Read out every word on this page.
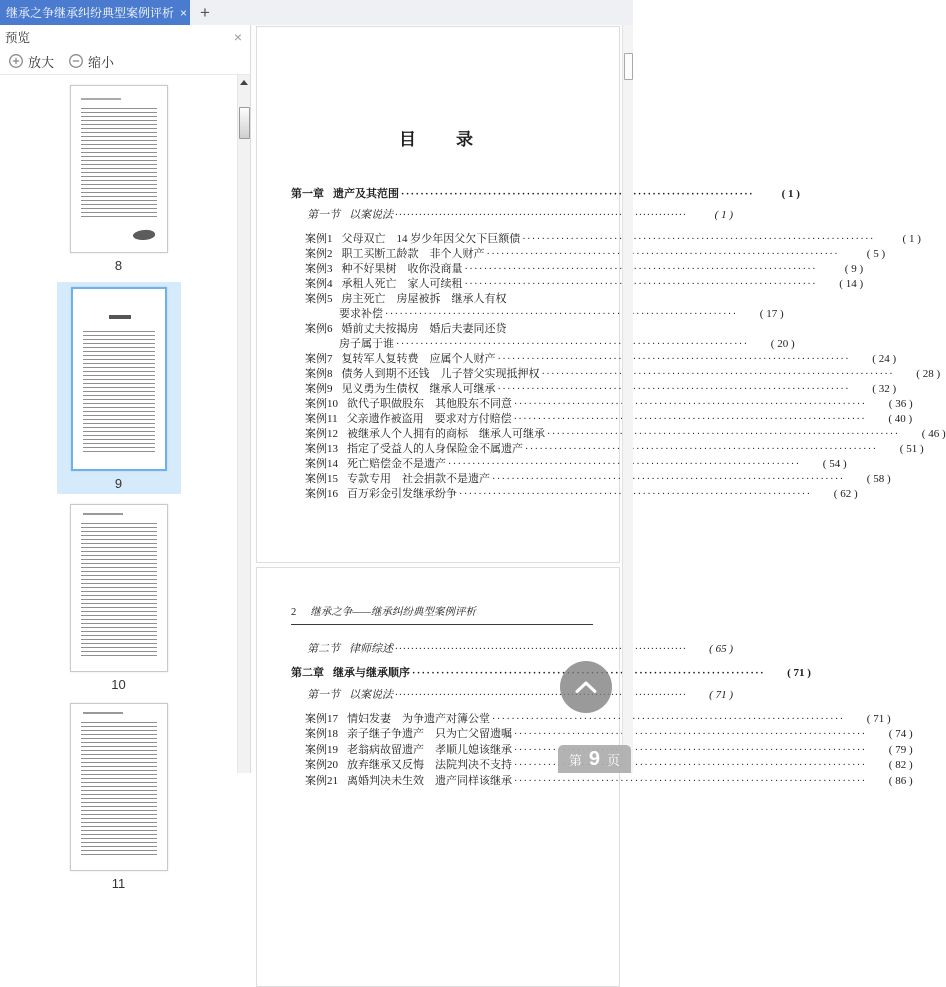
继承之争继承纠纷典型案例评析 × +
预览	×
放大	缩小
8
9
10
11
目　　录
第一章 遗产及其范围 ·····	( 1 )
第一节 以案说法 ·····	( 1 )
案例1 父母双亡　14 岁少年因父欠下巨额债 ·····	( 1 )
案例2 职工买断工龄款　非个人财产 ·····	( 5 )
案例3 种不好果树　收你没商量 ·····	( 9 )
案例4 承租人死亡　家人可续租 ·····	( 14 )
案例5 房主死亡　房屋被拆　继承人有权
要求补偿 ·····	( 17 )
案例6 婚前丈夫按揭房　婚后夫妻同还贷
房子属于谁 ·····	( 20 )
案例7 复转军人复转费　应属个人财产 ·····	( 24 )
案例8 债务人到期不还钱　儿子替父实现抵押权 ·····	( 28 )
案例9 见义勇为生债权　继承人可继承 ·····	( 32 )
案例10 欲代子职做股东　其他股东不同意 ·····	( 36 )
案例11 父亲遗作被盗用　要求对方付赔偿 ·····	( 40 )
案例12 被继承人个人拥有的商标　继承人可继承 ·····	( 46 )
案例13 指定了受益人的人身保险金不属遗产 ·····	( 51 )
案例14 死亡赔偿金不是遗产 ·····	( 54 )
案例15 专款专用　社会捐款不是遗产 ·····	( 58 )
案例16 百万彩金引发继承纷争 ·····	( 62 )
2 继承之争——继承纠纷典型案例评析
第二节 律师综述 ·····	( 65 )
第二章 继承与继承顺序 ·····	( 71 )
第一节 以案说法 ·····	( 71 )
案例17 情妇发妻　为争遗产对簿公堂 ·····	( 71 )
案例18 亲子继子争遗产　只为亡父留遗嘱 ·····	( 74 )
案例19 老翁病故留遗产　孝顺儿媳该继承 ·····	( 79 )
案例20 放弃继承又反悔　法院判决不支持 ·····	( 82 )
案例21 离婚判决未生效　遗产同样该继承 ·····	( 86 )
第 9 页
